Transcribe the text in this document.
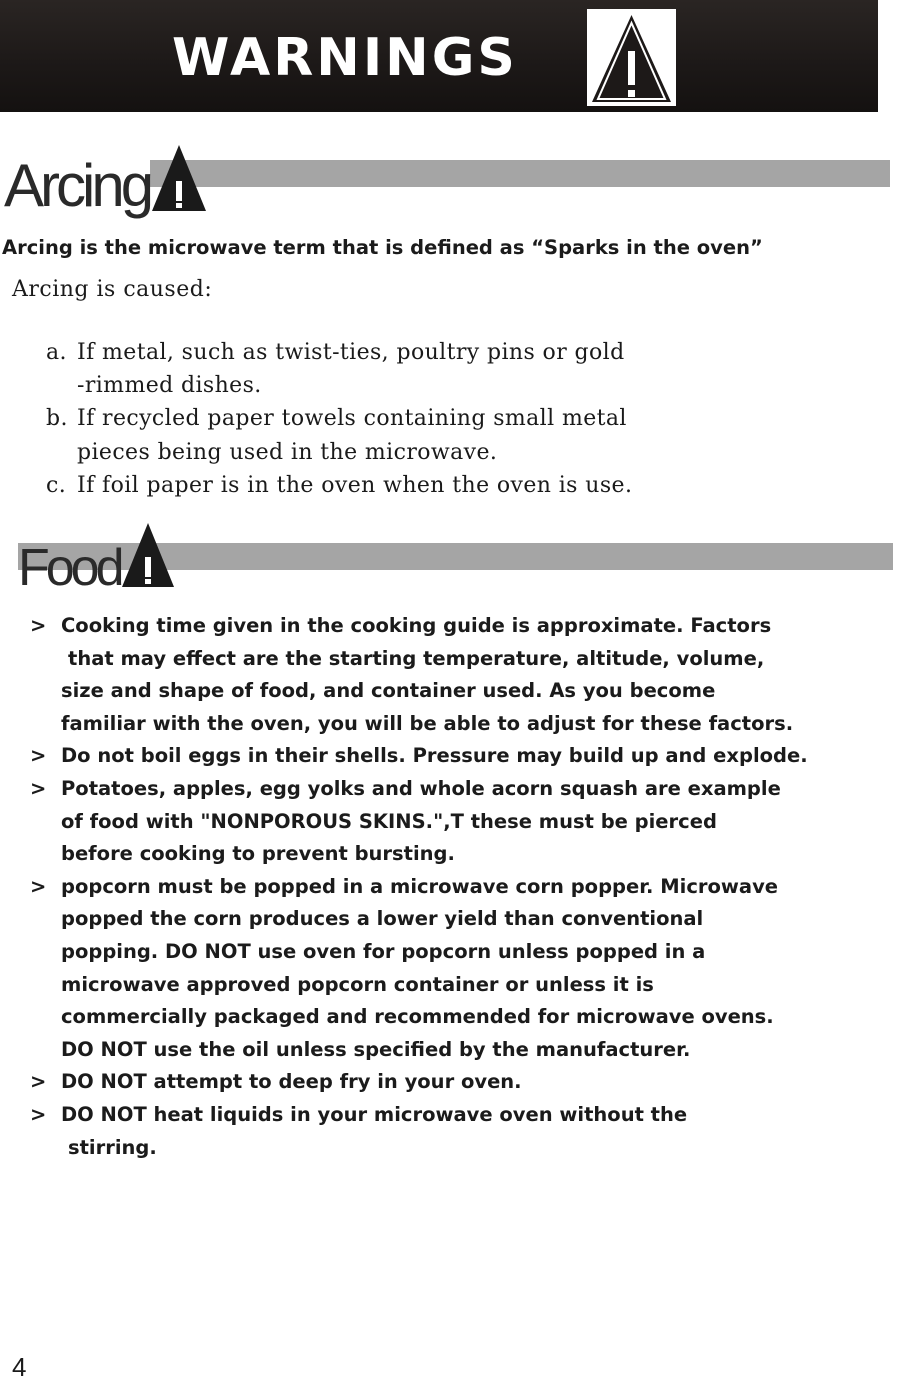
WARNINGS
Arcing
Arcing is the microwave term that is defined as “Sparks in the oven”
Arcing is caused:
a. If metal, such as twist-ties, poultry pins or gold
-rimmed dishes.
b. If recycled paper towels containing small metal
pieces being used in the microwave.
c. If foil paper is in the oven when the oven is use.
Food
> Cooking time given in the cooking guide is approximate. Factors
that may effect are the starting temperature, altitude, volume,
size and shape of food, and container used. As you become
familiar with the oven, you will be able to adjust for these factors.
> Do not boil eggs in their shells. Pressure may build up and explode.
> Potatoes, apples, egg yolks and whole acorn squash are example
of food with "NONPOROUS SKINS.",T these must be pierced
before cooking to prevent bursting.
> popcorn must be popped in a microwave corn popper. Microwave
popped the corn produces a lower yield than conventional
popping. DO NOT use oven for popcorn unless popped in a
microwave approved popcorn container or unless it is
commercially packaged and recommended for microwave ovens.
DO NOT use the oil unless specified by the manufacturer.
> DO NOT attempt to deep fry in your oven.
> DO NOT heat liquids in your microwave oven without the
stirring.
4
